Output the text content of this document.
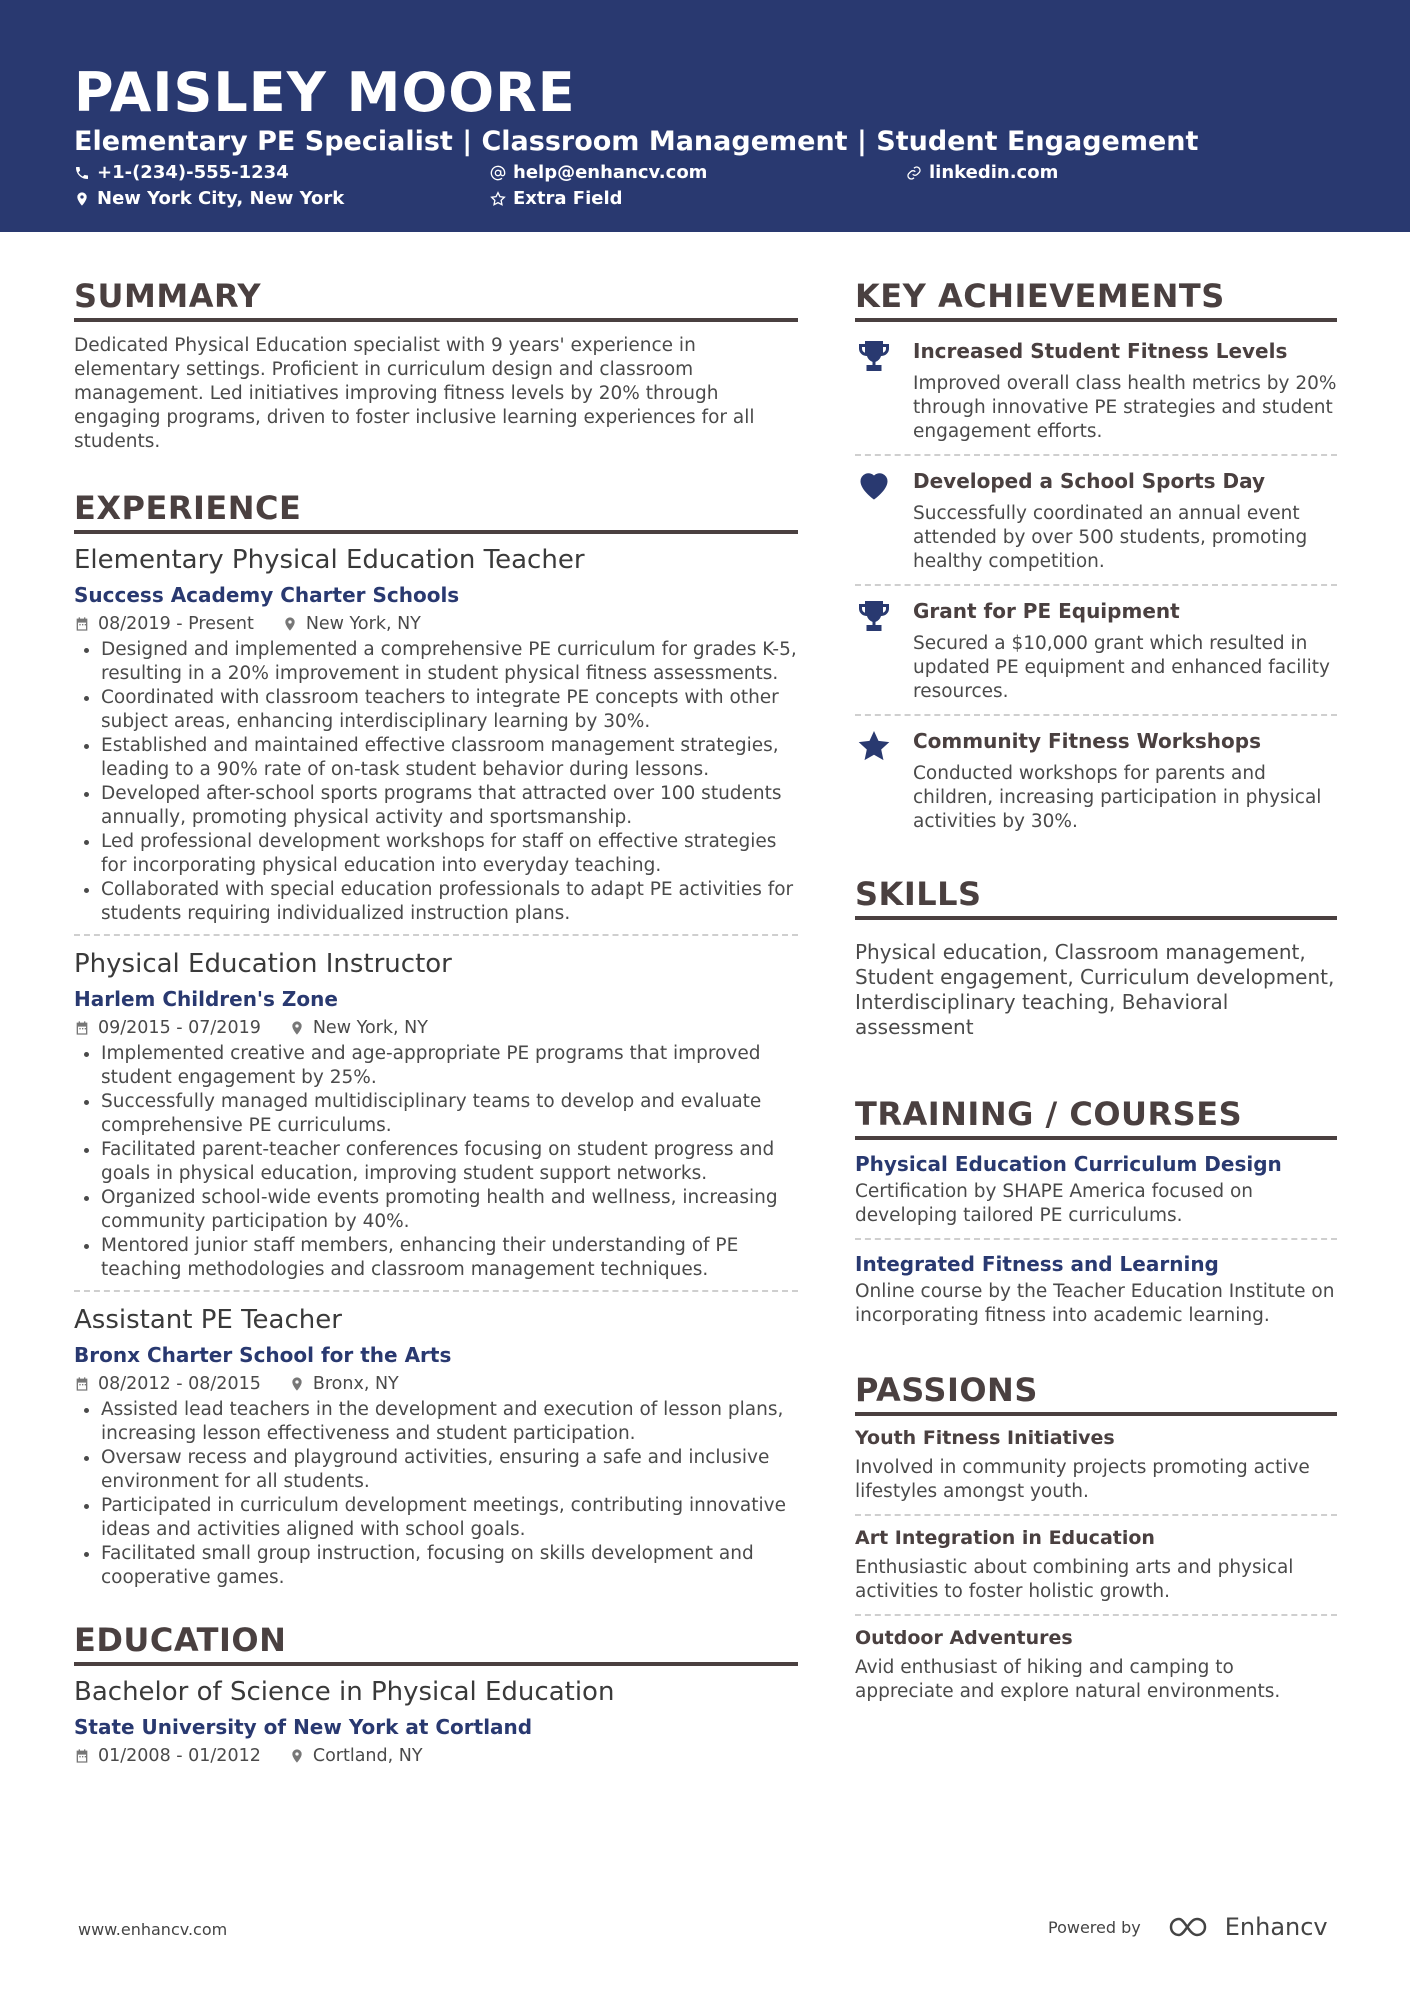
PAISLEY MOORE
Elementary PE Specialist | Classroom Management | Student Engagement
+1-(234)-555-1234	help@enhancv.com	linkedin.com
New York City, New York	Extra Field
SUMMARY

Dedicated Physical Education specialist with 9 years' experience in elementary settings. Proficient in curriculum design and classroom management. Led initiatives improving fitness levels by 20% through engaging programs, driven to foster inclusive learning experiences for all students.

EXPERIENCE
Elementary Physical Education Teacher
Success Academy Charter Schools
08/2019 - Present	New York, NY
• Designed and implemented a comprehensive PE curriculum for grades K-5, resulting in a 20% improvement in student physical fitness assessments.
• Coordinated with classroom teachers to integrate PE concepts with other subject areas, enhancing interdisciplinary learning by 30%.
• Established and maintained effective classroom management strategies, leading to a 90% rate of on-task student behavior during lessons.
• Developed after-school sports programs that attracted over 100 students annually, promoting physical activity and sportsmanship.
• Led professional development workshops for staff on effective strategies for incorporating physical education into everyday teaching.
• Collaborated with special education professionals to adapt PE activities for students requiring individualized instruction plans.
Physical Education Instructor
Harlem Children's Zone
09/2015 - 07/2019	New York, NY
• Implemented creative and age-appropriate PE programs that improved student engagement by 25%.
• Successfully managed multidisciplinary teams to develop and evaluate comprehensive PE curriculums.
• Facilitated parent-teacher conferences focusing on student progress and goals in physical education, improving student support networks.
• Organized school-wide events promoting health and wellness, increasing community participation by 40%.
• Mentored junior staff members, enhancing their understanding of PE teaching methodologies and classroom management techniques.
Assistant PE Teacher
Bronx Charter School for the Arts
08/2012 - 08/2015	Bronx, NY
• Assisted lead teachers in the development and execution of lesson plans, increasing lesson effectiveness and student participation.
• Oversaw recess and playground activities, ensuring a safe and inclusive environment for all students.
• Participated in curriculum development meetings, contributing innovative ideas and activities aligned with school goals.
• Facilitated small group instruction, focusing on skills development and cooperative games.
EDUCATION
Bachelor of Science in Physical Education
State University of New York at Cortland
01/2008 - 01/2012	Cortland, NY
KEY ACHIEVEMENTS
Increased Student Fitness Levels
Improved overall class health metrics by 20% through innovative PE strategies and student engagement efforts.
Developed a School Sports Day
Successfully coordinated an annual event attended by over 500 students, promoting healthy competition.
Grant for PE Equipment
Secured a $10,000 grant which resulted in updated PE equipment and enhanced facility resources.
Community Fitness Workshops
Conducted workshops for parents and children, increasing participation in physical activities by 30%.
SKILLS
Physical education, Classroom management, Student engagement, Curriculum development, Interdisciplinary teaching, Behavioral assessment
TRAINING / COURSES
Physical Education Curriculum Design
Certification by SHAPE America focused on developing tailored PE curriculums.
Integrated Fitness and Learning
Online course by the Teacher Education Institute on incorporating fitness into academic learning.
PASSIONS
Youth Fitness Initiatives
Involved in community projects promoting active lifestyles amongst youth.
Art Integration in Education
Enthusiastic about combining arts and physical activities to foster holistic growth.
Outdoor Adventures
Avid enthusiast of hiking and camping to appreciate and explore natural environments.
www.enhancv.com	Powered by	Enhancv
